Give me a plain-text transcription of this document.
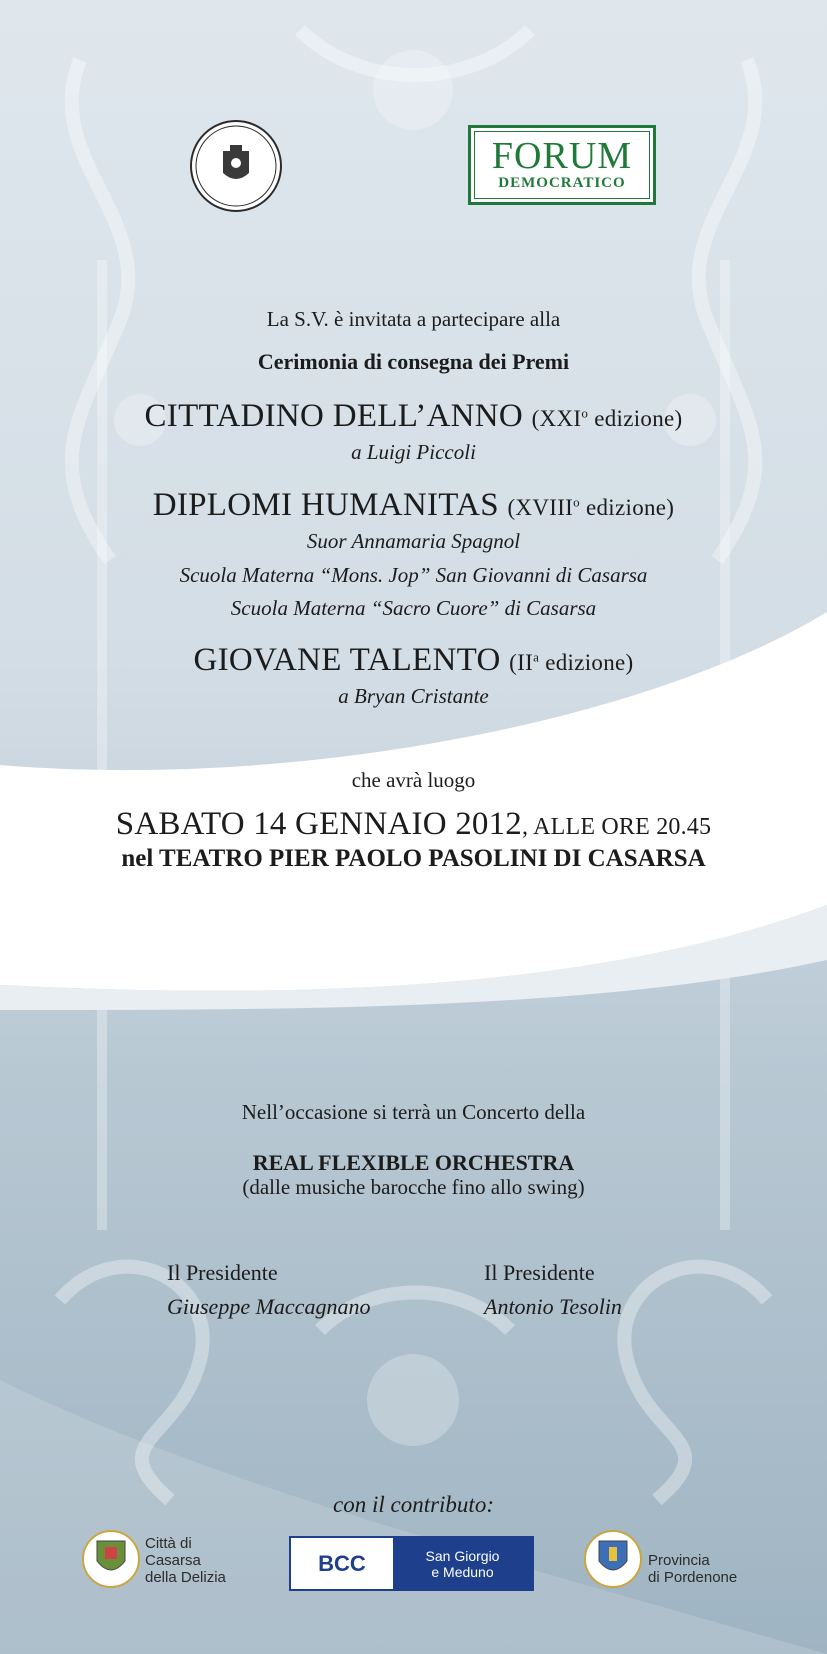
FORUM
DEMOCRATICO
La S.V. è invitata a partecipare alla
Cerimonia di consegna dei Premi
CITTADINO DELL’ANNO (XXI$^o$ edizione)
a Luigi Piccoli
DIPLOMI HUMANITAS (XVIII$^o$ edizione)
Suor Annamaria Spagnol
Scuola Materna “Mons. Jop” San Giovanni di Casarsa
Scuola Materna “Sacro Cuore” di Casarsa
GIOVANE TALENTO ($II^a$ edizione)
a Bryan Cristante
che avrà luogo
SABATO 14 GENNAIO 2012, ALLE ORE 20.45
nel TEATRO PIER PAOLO PASOLINI DI CASARSA
Nell’occasione si terrà un Concerto della
REAL FLEXIBLE ORCHESTRA
(dalle musiche barocche fino allo swing)
Il Presidente
Giuseppe Maccagnano
Il Presidente
Antonio Tesolin
con il contributo:
Città di
Casarsa
della Delizia
BCC	San Giorgio
e Meduno
Provincia
di Pordenone
